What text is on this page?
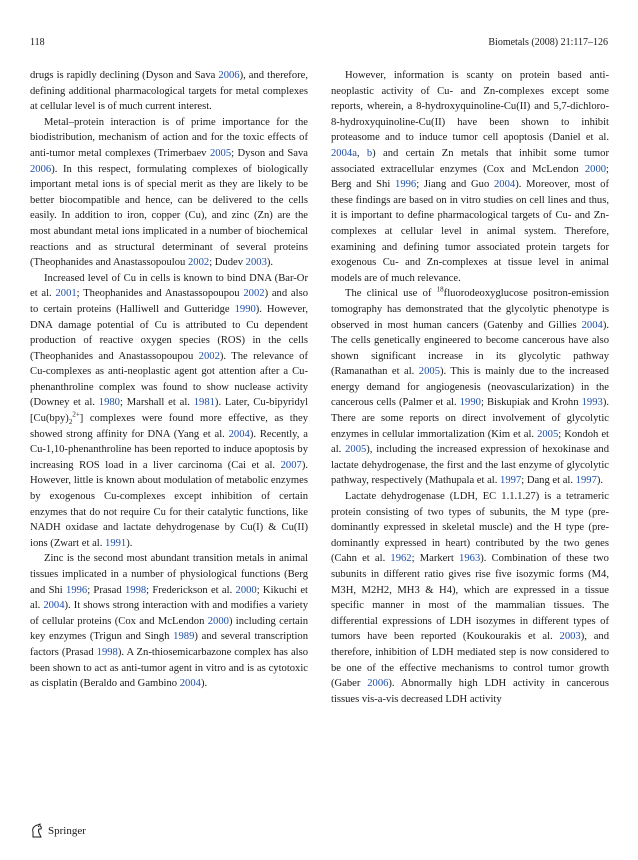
118	Biometals (2008) 21:117–126

drugs is rapidly declining (Dyson and Sava 2006), and therefore, defining additional pharmacological targets for metal complexes at cellular level is of much current interest.

Metal–protein interaction is of prime importance for the biodistribution, mechanism of action and for the toxic effects of anti-tumor metal complexes (Trimerbaev 2005; Dyson and Sava 2006). In this respect, formulating complexes of biologically important metal ions is of special merit as they are likely to be better biocompatible and hence, can be delivered to the cells easily. In addition to iron, copper (Cu), and zinc (Zn) are the most abundant metal ions implicated in a number of biochemical reactions and as structural determinant of several proteins (Theophanides and Anastassopoulou 2002; Dudev 2003).

Increased level of Cu in cells is known to bind DNA (Bar-Or et al. 2001; Theophanides and Anastassopoupou 2002) and also to certain proteins (Halliwell and Gutteridge 1990). However, DNA damage potential of Cu is attributed to Cu dependent production of reactive oxygen species (ROS) in the cells (Theophanides and Anastassopoupou 2002). The relevance of Cu-complexes as anti-neoplastic agent got attention after a Cu-phenanthroline complex was found to show nuclease activity (Downey et al. 1980; Marshall et al. 1981). Later, Cu-bipyridyl $[Cu(bpy)_2^{2+}]$ complexes were found more effective, as they showed strong affinity for DNA (Yang et al. 2004). Recently, a Cu-1,10-phenanthroline has been reported to induce apoptosis by increasing ROS load in a liver carcinoma (Cai et al. 2007). However, little is known about modulation of metabolic enzymes by exogenous Cu-complexes except inhibition of certain enzymes that do not require Cu for their catalytic functions, like NADH oxidase and lactate dehydrogenase by Cu(I) & Cu(II) ions (Zwart et al. 1991).

Zinc is the second most abundant transition metals in animal tissues implicated in a number of physiological functions (Berg and Shi 1996; Prasad 1998; Frederickson et al. 2000; Kikuchi et al. 2004). It shows strong interaction with and modifies a variety of cellular proteins (Cox and McLendon 2000) including certain key enzymes (Trigun and Singh 1989) and several transcription factors (Prasad 1998). A Zn-thiosemicarbazone complex has also been shown to act as anti-tumor agent in vitro and is as cytotoxic as cisplatin (Beraldo and Gambino 2004).

However, information is scanty on protein based anti-neoplastic activity of Cu- and Zn-complexes except some reports, wherein, a 8-hydroxyquinoline-Cu(II) and 5,7-dichloro-8-hydroxyquinoline-Cu(II) have been shown to inhibit proteasome and to induce tumor cell apoptosis (Daniel et al. 2004a, b) and certain Zn metals that inhibit some tumor associated extracellular enzymes (Cox and McLendon 2000; Berg and Shi 1996; Jiang and Guo 2004). Moreover, most of these findings are based on in vitro studies on cell lines and thus, it is important to define pharmacological targets of Cu- and Zn-complexes at cellular level in animal system. Therefore, examining and defining tumor associated protein targets for exogenous Cu- and Zn-complexes at tissue level in animal models are of much relevance.

The clinical use of $^{18}$fluorodeoxyglucose positron-emission tomography has demonstrated that the glycolytic phenotype is observed in most human cancers (Gatenby and Gillies 2004). The cells genetically engineered to become cancerous have also shown significant increase in its glycolytic pathway (Ramanathan et al. 2005). This is mainly due to the increased energy demand for angiogenesis (neovascularization) in the cancerous cells (Palmer et al. 1990; Biskupiak and Krohn 1993). There are some reports on direct involvement of glycolytic enzymes in cellular immortalization (Kim et al. 2005; Kondoh et al. 2005), including the increased expression of hexokinase and lactate dehydrogenase, the first and the last enzyme of glycolytic pathway, respectively (Mathupala et al. 1997; Dang et al. 1997).

Lactate dehydrogenase (LDH, EC 1.1.1.27) is a tetrameric protein consisting of two types of subunits, the M type (pre-dominantly expressed in skeletal muscle) and the H type (pre-dominantly expressed in heart) contributed by the two genes (Cahn et al. 1962; Markert 1963). Combination of these two subunits in different ratio gives rise five isozymic forms (M4, M3H, M2H2, MH3 & H4), which are expressed in a tissue specific manner in most of the mammalian tissues. The differential expressions of LDH isozymes in different types of tumors have been reported (Koukourakis et al. 2003), and therefore, inhibition of LDH mediated step is now considered to be one of the effective mechanisms to control tumor growth (Gaber 2006). Abnormally high LDH activity in cancerous tissues vis-a-vis decreased LDH activity

Springer
